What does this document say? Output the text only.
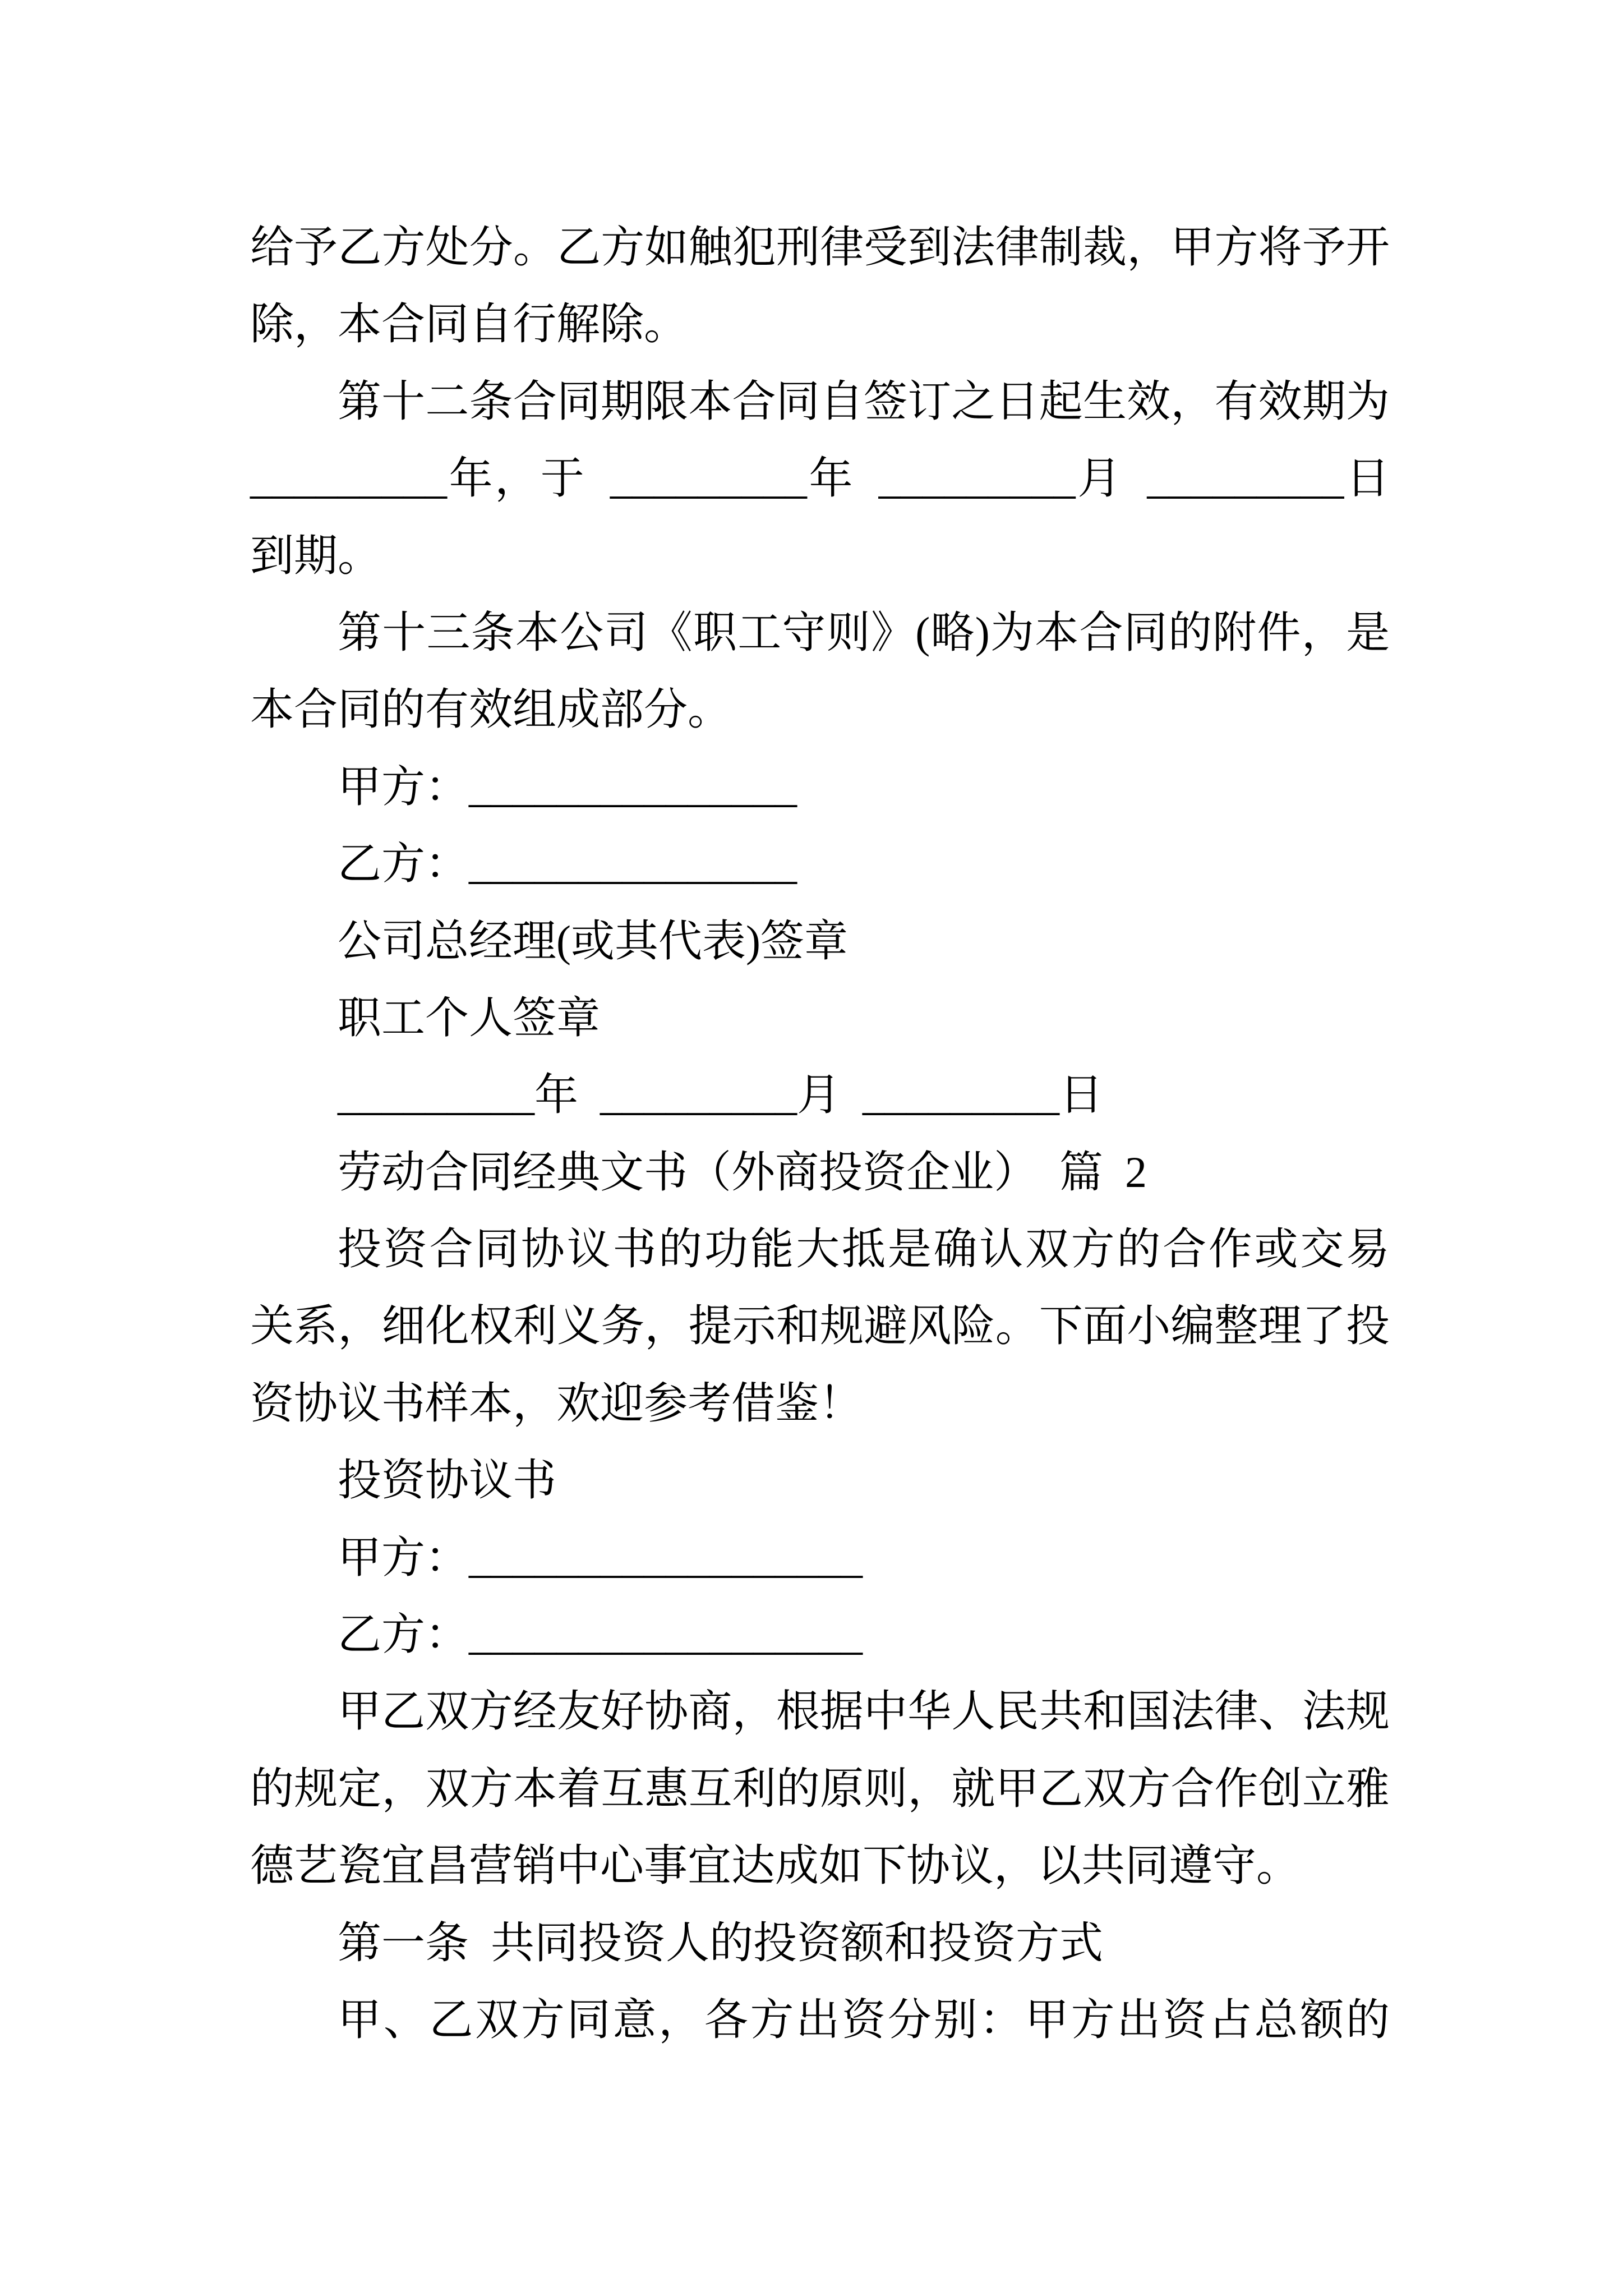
给予乙方处分。乙方如触犯刑律受到法律制裁，甲方将予开
除，本合同自行解除。
第十二条合同期限本合同自签订之日起生效，有效期为
_________年，于 _________年 _________月 _________日
到期。
第十三条本公司《职工守则》(略)为本合同的附件，是
本合同的有效组成部分。
甲方：_______________
乙方：_______________
公司总经理(或其代表)签章
职工个人签章
_________年 _________月 _________日
劳动合同经典文书（外商投资企业） 篇 2
投资合同协议书的功能大抵是确认双方的合作或交易
关系，细化权利义务，提示和规避风险。下面小编整理了投
资协议书样本，欢迎参考借鉴！
投资协议书
甲方：__________________
乙方：__________________
甲乙双方经友好协商，根据中华人民共和国法律、法规
的规定，双方本着互惠互利的原则，就甲乙双方合作创立雅
德艺瓷宜昌营销中心事宜达成如下协议，以共同遵守。
第一条 共同投资人的投资额和投资方式
甲、乙双方同意，各方出资分别：甲方出资占总额的
